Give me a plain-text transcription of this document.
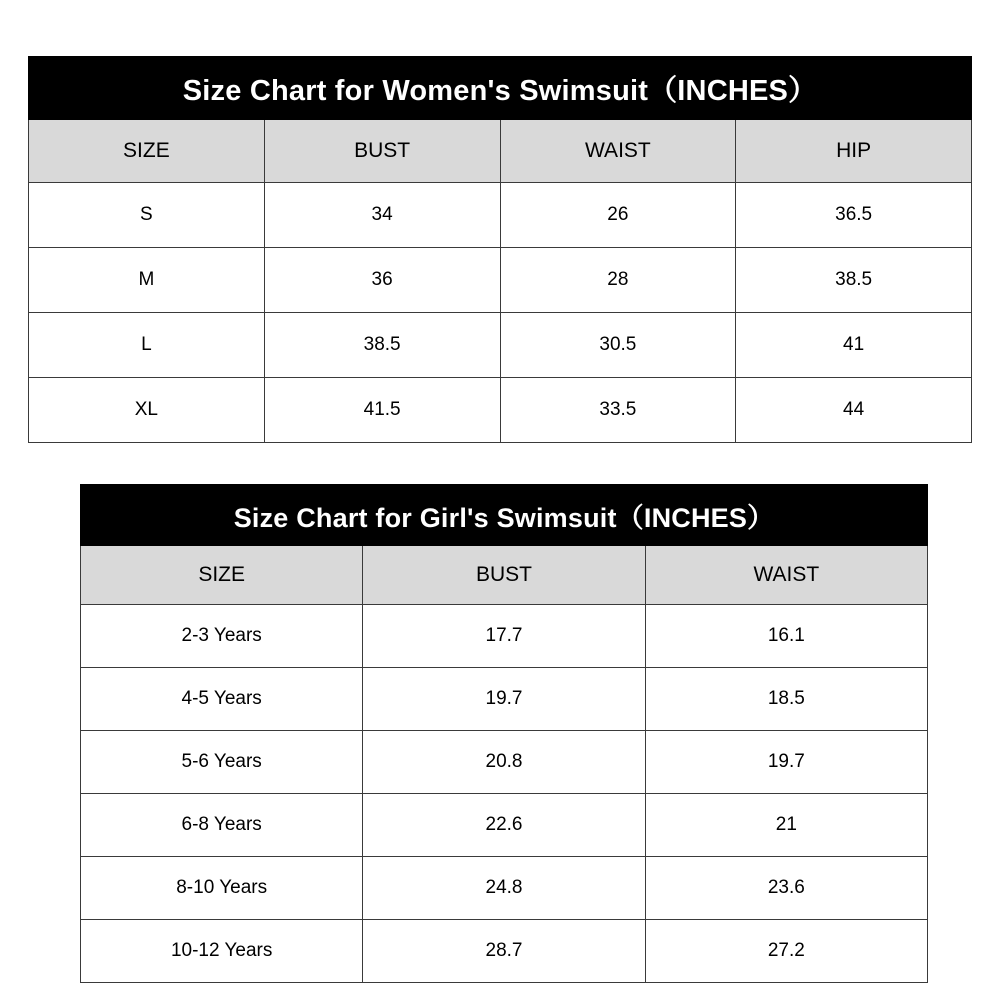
Size Chart for Women's Swimsuit（INCHES）			
SIZE	BUST	WAIST	HIP
S	34	26	36.5
M	36	28	38.5
L	38.5	30.5	41
XL	41.5	33.5	44
Size Chart for Girl's Swimsuit（INCHES）		
SIZE	BUST	WAIST
2-3 Years	17.7	16.1
4-5 Years	19.7	18.5
5-6 Years	20.8	19.7
6-8 Years	22.6	21
8-10 Years	24.8	23.6
10-12 Years	28.7	27.2
